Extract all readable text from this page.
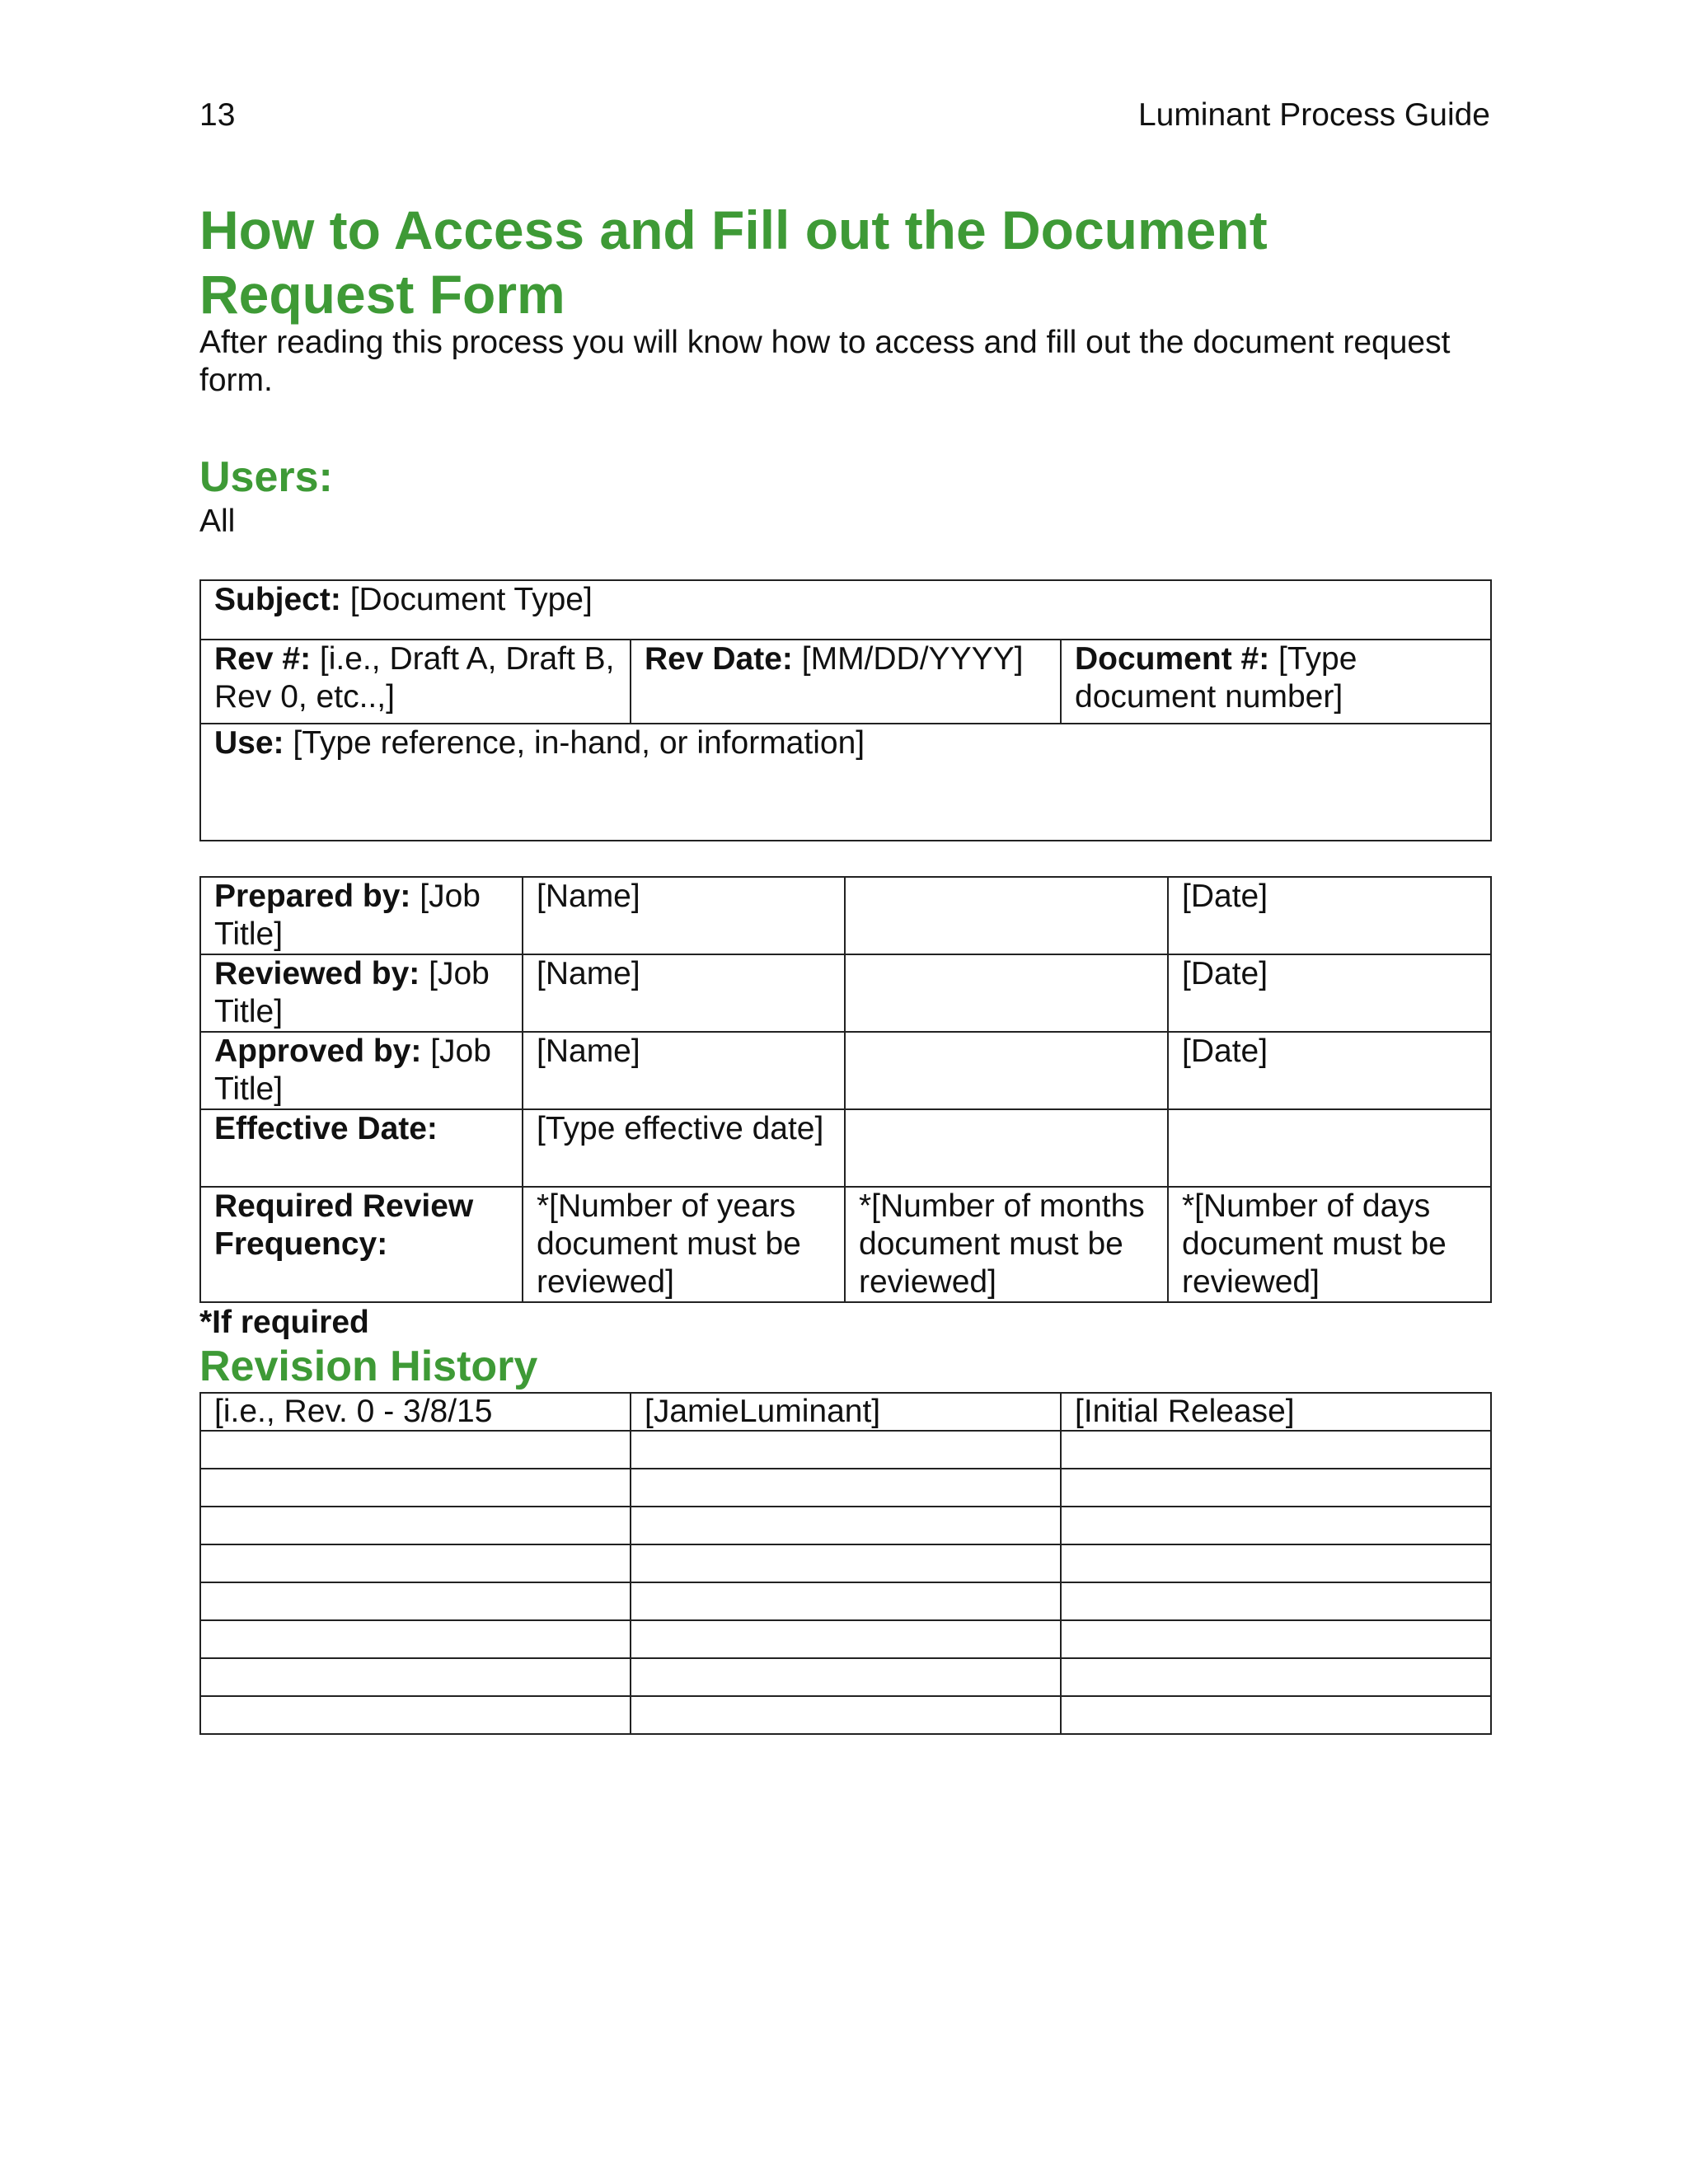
13	Luminant Process Guide
How to Access and Fill out the Document Request Form

After reading this process you will know how to access and fill out the document request form.

Users:
All
Subject: [Document Type]
Rev #: [i.e., Draft A, Draft B, Rev 0, etc..,]	Rev Date: [MM/DD/YYYY]	Document #: [Type document number]
Use: [Type reference, in-hand, or information]
Prepared by: [Job Title]	[Name]		[Date]
Reviewed by: [Job Title]	[Name]		[Date]
Approved by: [Job Title]	[Name]		[Date]
Effective Date:	[Type effective date]		
Required Review Frequency:	*[Number of years document must be reviewed]	*[Number of months document must be reviewed]	*[Number of days document must be reviewed]
*If required
Revision History
[i.e., Rev. 0 - 3/8/15	[JamieLuminant]	[Initial Release]
